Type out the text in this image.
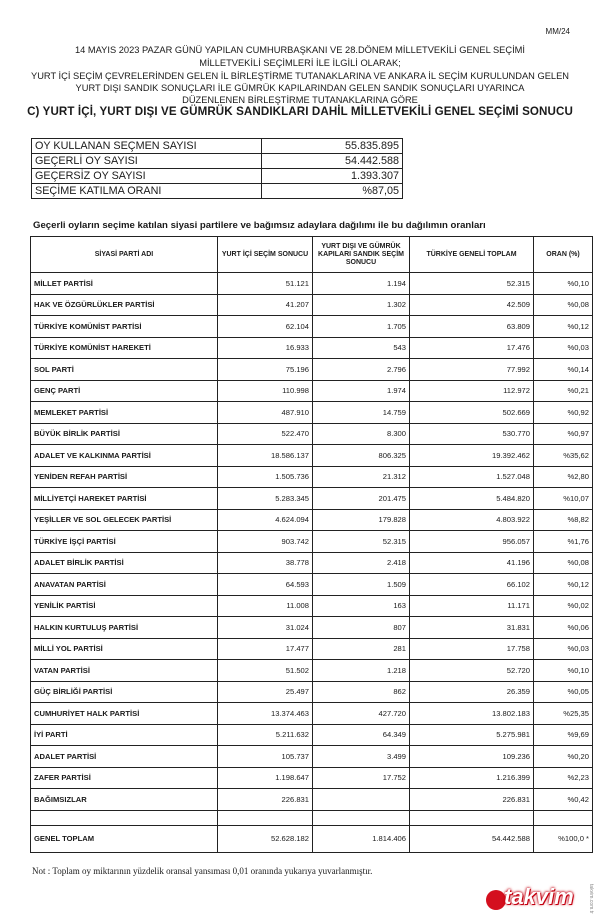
MM/24
14 MAYIS 2023 PAZAR GÜNÜ YAPILAN CUMHURBAŞKANI VE 28.DÖNEM MİLLETVEKİLİ GENEL SEÇİMİ
MİLLETVEKİLİ SEÇİMLERİ İLE İLGİLİ OLARAK;
YURT İÇİ SEÇİM ÇEVRELERİNDEN GELEN İL BİRLEŞTİRME TUTANAKLARINA VE ANKARA İL SEÇİM KURULUNDAN GELEN
YURT DIŞI SANDIK SONUÇLARI İLE GÜMRÜK KAPILARINDAN GELEN SANDIK SONUÇLARI UYARINCA
DÜZENLENEN BİRLEŞTİRME TUTANAKLARINA GÖRE
C) YURT İÇİ, YURT DIŞI VE GÜMRÜK SANDIKLARI DAHİL MİLLETVEKİLİ GENEL SEÇİMİ SONUCU
OY KULLANAN SEÇMEN SAYISI	55.835.895
GEÇERLİ OY SAYISI	54.442.588
GEÇERSİZ OY SAYISI	1.393.307
SEÇİME KATILMA ORANI	%87,05
Geçerli oyların seçime katılan siyasi partilere ve bağımsız adaylara dağılımı ile bu dağılımın oranları
SİYASİ PARTİ ADI	YURT İÇİ SEÇİM SONUCU	YURT DIŞI VE GÜMRÜK KAPILARI SANDIK SEÇİM SONUCU	TÜRKİYE GENELİ TOPLAM	ORAN (%)
MİLLET PARTİSİ	51.121	1.194	52.315	%0,10
HAK VE ÖZGÜRLÜKLER PARTİSİ	41.207	1.302	42.509	%0,08
TÜRKİYE KOMÜNİST PARTİSİ	62.104	1.705	63.809	%0,12
TÜRKİYE KOMÜNİST HAREKETİ	16.933	543	17.476	%0,03
SOL PARTİ	75.196	2.796	77.992	%0,14
GENÇ PARTİ	110.998	1.974	112.972	%0,21
MEMLEKET PARTİSİ	487.910	14.759	502.669	%0,92
BÜYÜK BİRLİK PARTİSİ	522.470	8.300	530.770	%0,97
ADALET VE KALKINMA PARTİSİ	18.586.137	806.325	19.392.462	%35,62
YENİDEN REFAH PARTİSİ	1.505.736	21.312	1.527.048	%2,80
MİLLİYETÇİ HAREKET PARTİSİ	5.283.345	201.475	5.484.820	%10,07
YEŞİLLER VE SOL GELECEK PARTİSİ	4.624.094	179.828	4.803.922	%8,82
TÜRKİYE İŞÇİ PARTİSİ	903.742	52.315	956.057	%1,76
ADALET BİRLİK PARTİSİ	38.778	2.418	41.196	%0,08
ANAVATAN PARTİSİ	64.593	1.509	66.102	%0,12
YENİLİK PARTİSİ	11.008	163	11.171	%0,02
HALKIN KURTULUŞ PARTİSİ	31.024	807	31.831	%0,06
MİLLİ YOL PARTİSİ	17.477	281	17.758	%0,03
VATAN PARTİSİ	51.502	1.218	52.720	%0,10
GÜÇ BİRLİĞİ PARTİSİ	25.497	862	26.359	%0,05
CUMHURİYET HALK PARTİSİ	13.374.463	427.720	13.802.183	%25,35
İYİ PARTİ	5.211.632	64.349	5.275.981	%9,69
ADALET PARTİSİ	105.737	3.499	109.236	%0,20
ZAFER PARTİSİ	1.198.647	17.752	1.216.399	%2,23
BAĞIMSIZLAR	226.831		226.831	%0,42

GENEL TOPLAM	52.628.182	1.814.406	54.442.588	%100,0 *
Not : Toplam oy miktarının yüzdelik oransal yansıması 0,01 oranında yukarıya yuvarlanmıştır.
takvim	takvim.com.tr
